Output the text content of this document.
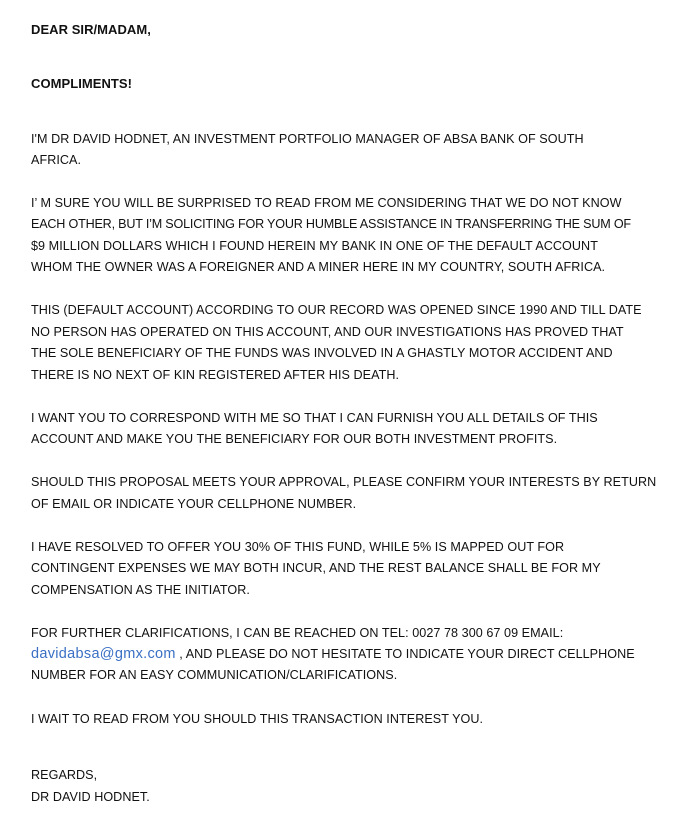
DEAR SIR/MADAM,
COMPLIMENTS!
I'M DR DAVID HODNET, AN INVESTMENT PORTFOLIO MANAGER OF ABSA BANK OF SOUTH
AFRICA.
I’ M SURE YOU WILL BE SURPRISED TO READ FROM ME CONSIDERING THAT WE DO NOT KNOW
EACH OTHER, BUT I’M SOLICITING FOR YOUR HUMBLE ASSISTANCE IN TRANSFERRING THE SUM OF
$9 MILLION DOLLARS WHICH I FOUND HEREIN MY BANK IN ONE OF THE DEFAULT ACCOUNT
WHOM THE OWNER WAS A FOREIGNER AND A MINER HERE IN MY COUNTRY, SOUTH AFRICA.
THIS (DEFAULT ACCOUNT) ACCORDING TO OUR RECORD WAS OPENED SINCE 1990 AND TILL DATE
NO PERSON HAS OPERATED ON THIS ACCOUNT, AND OUR INVESTIGATIONS HAS PROVED THAT
THE SOLE BENEFICIARY OF THE FUNDS WAS INVOLVED IN A GHASTLY MOTOR ACCIDENT AND
THERE IS NO NEXT OF KIN REGISTERED AFTER HIS DEATH.
I WANT YOU TO CORRESPOND WITH ME SO THAT I CAN FURNISH YOU ALL DETAILS OF THIS
ACCOUNT AND MAKE YOU THE BENEFICIARY FOR OUR BOTH INVESTMENT PROFITS.
SHOULD THIS PROPOSAL MEETS YOUR APPROVAL, PLEASE CONFIRM YOUR INTERESTS BY RETURN
OF EMAIL OR INDICATE YOUR CELLPHONE NUMBER.
I HAVE RESOLVED TO OFFER YOU 30% OF THIS FUND, WHILE 5% IS MAPPED OUT FOR
CONTINGENT EXPENSES WE MAY BOTH INCUR, AND THE REST BALANCE SHALL BE FOR MY
COMPENSATION AS THE INITIATOR.
FOR FURTHER CLARIFICATIONS, I CAN BE REACHED ON TEL: 0027 78 300 67 09 EMAIL:
davidabsa@gmx.com , AND PLEASE DO NOT HESITATE TO INDICATE YOUR DIRECT CELLPHONE
NUMBER FOR AN EASY COMMUNICATION/CLARIFICATIONS.
I WAIT TO READ FROM YOU SHOULD THIS TRANSACTION INTEREST YOU.
REGARDS,
DR DAVID HODNET.
